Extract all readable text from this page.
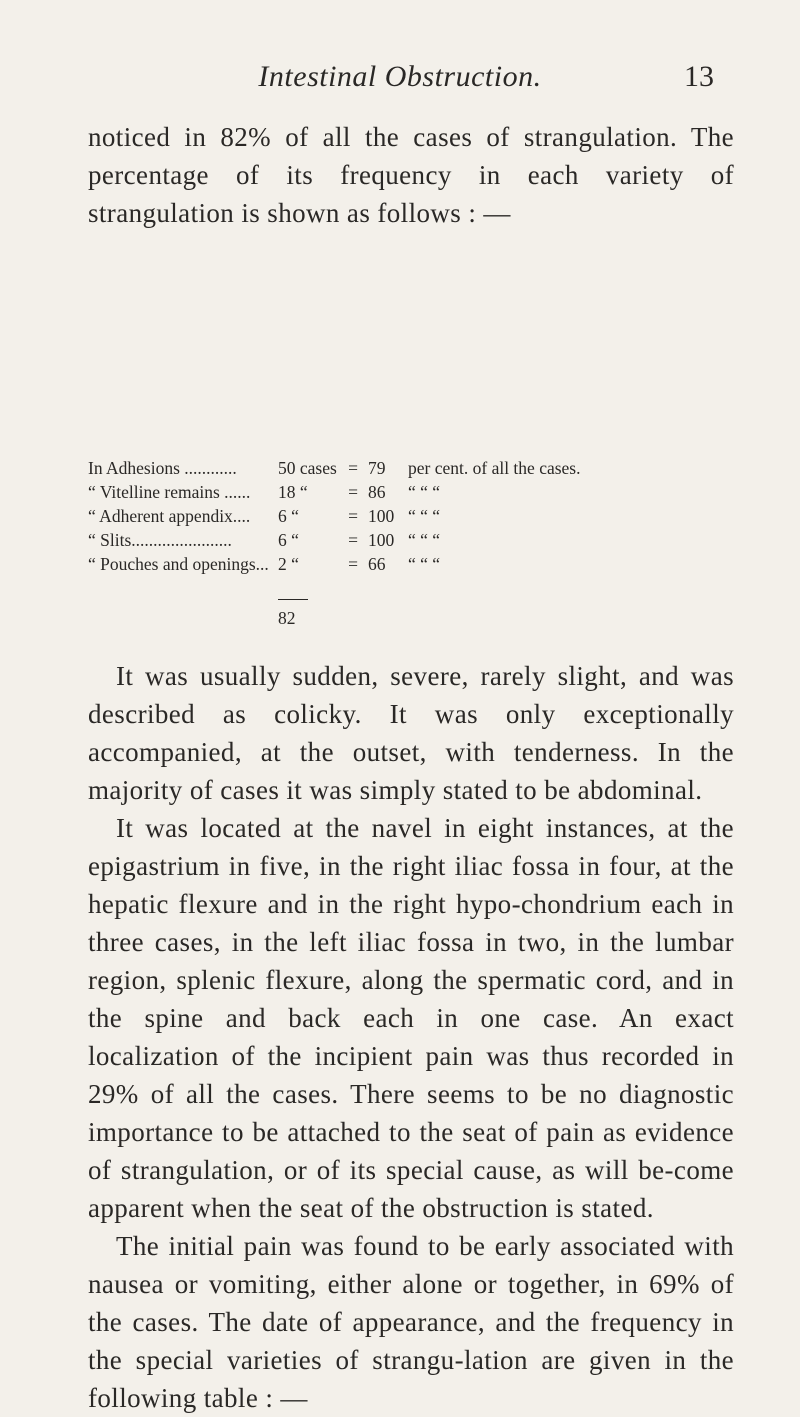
Intestinal Obstruction.	13

noticed in 82% of all the cases of strangulation. The percentage of its frequency in each variety of strangulation is shown as follows : —

In Adhesions ............	50 cases	=	79	per cent. of all the cases.
“ Vitelline remains ......	18 “	=	86	“ “ “
“ Adherent appendix....	6 “	=	100	“ “ “
“ Slits.......................	6 “	=	100	“ “ “
“ Pouches and openings...	2 “	=	66	“ “ “

	82			

It was usually sudden, severe, rarely slight, and was described as colicky. It was only exceptionally accompanied, at the outset, with tenderness. In the majority of cases it was simply stated to be abdominal.

It was located at the navel in eight instances, at the epigastrium in five, in the right iliac fossa in four, at the hepatic flexure and in the right hypo-chondrium each in three cases, in the left iliac fossa in two, in the lumbar region, splenic flexure, along the spermatic cord, and in the spine and back each in one case. An exact localization of the incipient pain was thus recorded in 29% of all the cases. There seems to be no diagnostic importance to be attached to the seat of pain as evidence of strangulation, or of its special cause, as will be-come apparent when the seat of the obstruction is stated.

The initial pain was found to be early associated with nausea or vomiting, either alone or together, in 69% of the cases. The date of appearance, and the frequency in the special varieties of strangu-lation are given in the following table : —
